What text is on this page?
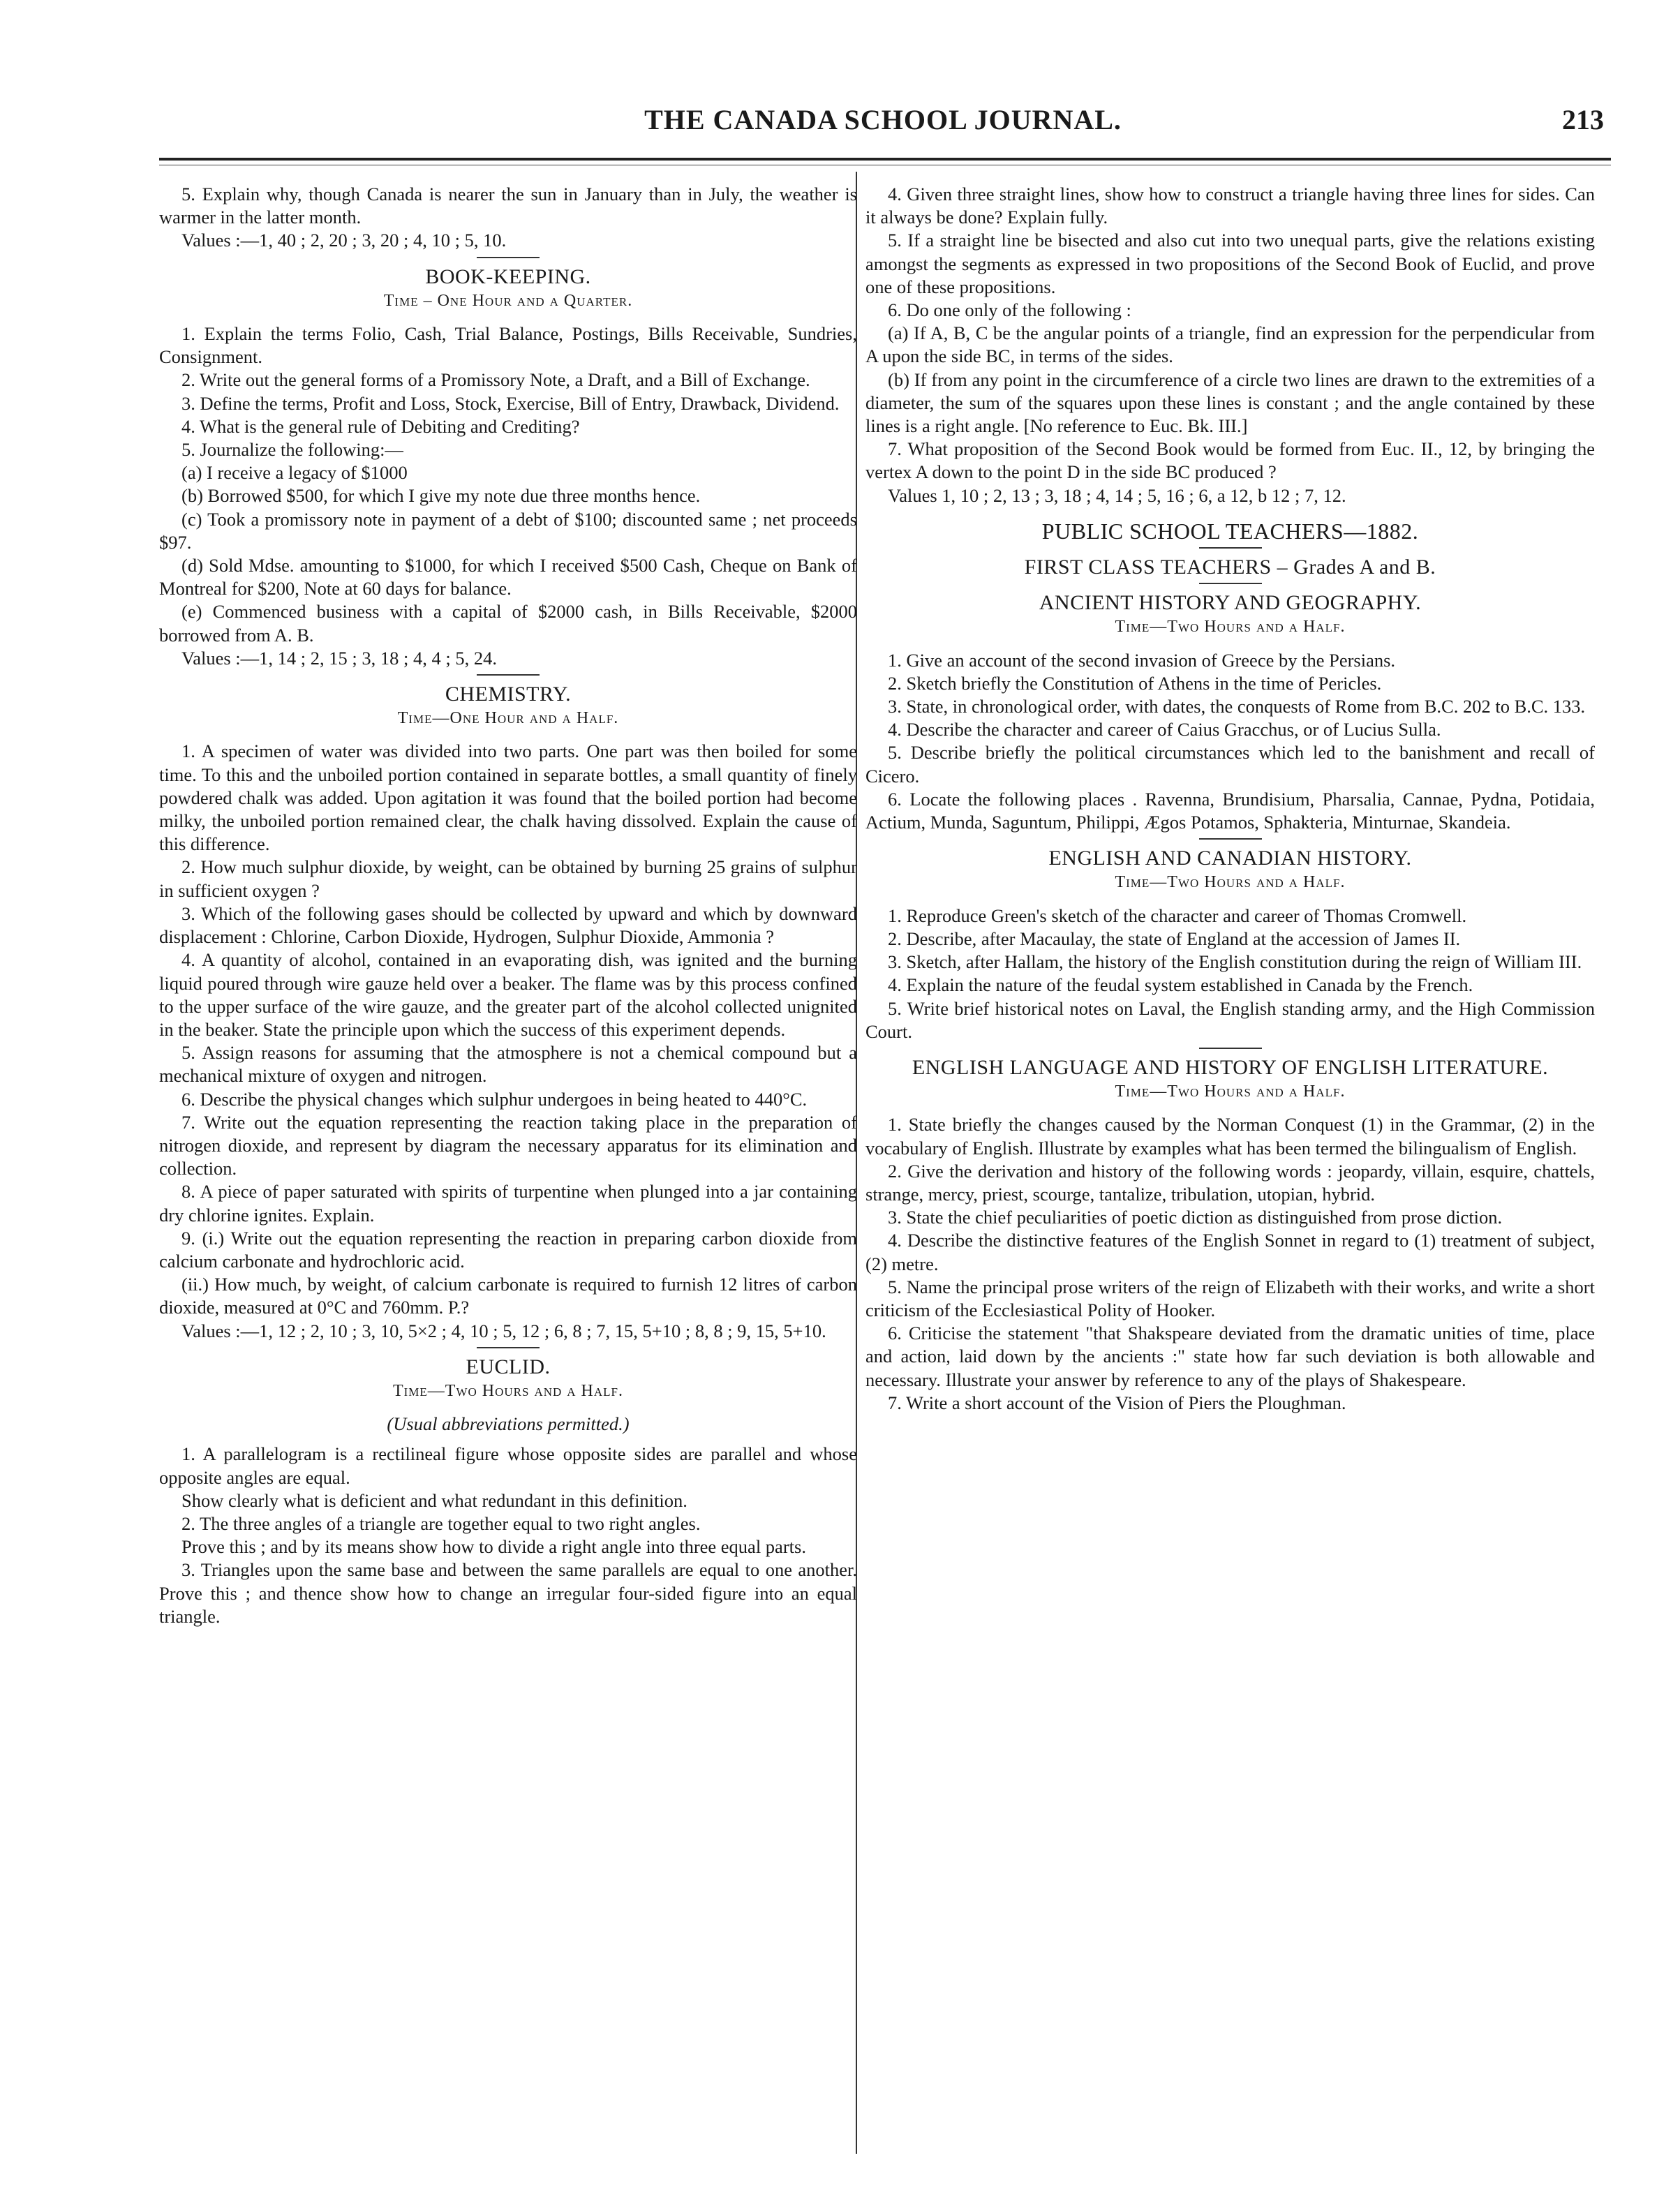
THE CANADA SCHOOL JOURNAL.	213

5. Explain why, though Canada is nearer the sun in January than in July, the weather is warmer in the latter month.

Values :—1, 40 ; 2, 20 ; 3, 20 ; 4, 10 ; 5, 10.

BOOK-KEEPING.
Time – One Hour and a Quarter.

1. Explain the terms Folio, Cash, Trial Balance, Postings, Bills Receivable, Sundries, Consignment.

2. Write out the general forms of a Promissory Note, a Draft, and a Bill of Exchange.

3. Define the terms, Profit and Loss, Stock, Exercise, Bill of Entry, Drawback, Dividend.

4. What is the general rule of Debiting and Crediting?

5. Journalize the following:—

(a) I receive a legacy of $1000

(b) Borrowed $500, for which I give my note due three months hence.

(c) Took a promissory note in payment of a debt of $100; discounted same ; net proceeds $97.

(d) Sold Mdse. amounting to $1000, for which I received $500 Cash, Cheque on Bank of Montreal for $200, Note at 60 days for balance.

(e) Commenced business with a capital of $2000 cash, in Bills Receivable, $2000 borrowed from A. B.

Values :—1, 14 ; 2, 15 ; 3, 18 ; 4, 4 ; 5, 24.

CHEMISTRY.
Time—One Hour and a Half.

1. A specimen of water was divided into two parts. One part was then boiled for some time. To this and the unboiled portion contained in separate bottles, a small quantity of finely powdered chalk was added. Upon agitation it was found that the boiled portion had become milky, the unboiled portion remained clear, the chalk having dissolved. Explain the cause of this difference.

2. How much sulphur dioxide, by weight, can be obtained by burning 25 grains of sulphur in sufficient oxygen ?

3. Which of the following gases should be collected by upward and which by downward displacement : Chlorine, Carbon Dioxide, Hydrogen, Sulphur Dioxide, Ammonia ?

4. A quantity of alcohol, contained in an evaporating dish, was ignited and the burning liquid poured through wire gauze held over a beaker. The flame was by this process confined to the upper surface of the wire gauze, and the greater part of the alcohol collected unignited in the beaker. State the principle upon which the success of this experiment depends.

5. Assign reasons for assuming that the atmosphere is not a chemical compound but a mechanical mixture of oxygen and nitrogen.

6. Describe the physical changes which sulphur undergoes in being heated to 440°C.

7. Write out the equation representing the reaction taking place in the preparation of nitrogen dioxide, and represent by diagram the necessary apparatus for its elimination and collection.

8. A piece of paper saturated with spirits of turpentine when plunged into a jar containing dry chlorine ignites. Explain.

9. (i.) Write out the equation representing the reaction in preparing carbon dioxide from calcium carbonate and hydrochloric acid.

(ii.) How much, by weight, of calcium carbonate is required to furnish 12 litres of carbon dioxide, measured at 0°C and 760mm. P.?

Values :—1, 12 ; 2, 10 ; 3, 10, 5×2 ; 4, 10 ; 5, 12 ; 6, 8 ; 7, 15, 5+10 ; 8, 8 ; 9, 15, 5+10.

EUCLID.
Time—Two Hours and a Half.
(Usual abbreviations permitted.)

1. A parallelogram is a rectilineal figure whose opposite sides are parallel and whose opposite angles are equal.

Show clearly what is deficient and what redundant in this definition.

2. The three angles of a triangle are together equal to two right angles.

Prove this ; and by its means show how to divide a right angle into three equal parts.

3. Triangles upon the same base and between the same parallels are equal to one another. Prove this ; and thence show how to change an irregular four-sided figure into an equal triangle.

4. Given three straight lines, show how to construct a triangle having three lines for sides. Can it always be done? Explain fully.

5. If a straight line be bisected and also cut into two unequal parts, give the relations existing amongst the segments as expressed in two propositions of the Second Book of Euclid, and prove one of these propositions.

6. Do one only of the following :

(a) If A, B, C be the angular points of a triangle, find an expression for the perpendicular from A upon the side BC, in terms of the sides.

(b) If from any point in the circumference of a circle two lines are drawn to the extremities of a diameter, the sum of the squares upon these lines is constant ; and the angle contained by these lines is a right angle. [No reference to Euc. Bk. III.]

7. What proposition of the Second Book would be formed from Euc. II., 12, by bringing the vertex A down to the point D in the side BC produced ?

Values 1, 10 ; 2, 13 ; 3, 18 ; 4, 14 ; 5, 16 ; 6, a 12, b 12 ; 7, 12.

PUBLIC SCHOOL TEACHERS—1882.
FIRST CLASS TEACHERS – Grades A and B.
ANCIENT HISTORY AND GEOGRAPHY.
Time—Two Hours and a Half.

1. Give an account of the second invasion of Greece by the Persians.

2. Sketch briefly the Constitution of Athens in the time of Pericles.

3. State, in chronological order, with dates, the conquests of Rome from B.C. 202 to B.C. 133.

4. Describe the character and career of Caius Gracchus, or of Lucius Sulla.

5. Describe briefly the political circumstances which led to the banishment and recall of Cicero.

6. Locate the following places . Ravenna, Brundisium, Pharsalia, Cannae, Pydna, Potidaia, Actium, Munda, Saguntum, Philippi, Ægos Potamos, Sphakteria, Minturnae, Skandeia.

ENGLISH AND CANADIAN HISTORY.
Time—Two Hours and a Half.

1. Reproduce Green's sketch of the character and career of Thomas Cromwell.

2. Describe, after Macaulay, the state of England at the accession of James II.

3. Sketch, after Hallam, the history of the English constitution during the reign of William III.

4. Explain the nature of the feudal system established in Canada by the French.

5. Write brief historical notes on Laval, the English standing army, and the High Commission Court.

ENGLISH LANGUAGE AND HISTORY OF ENGLISH LITERATURE.
Time—Two Hours and a Half.

1. State briefly the changes caused by the Norman Conquest (1) in the Grammar, (2) in the vocabulary of English. Illustrate by examples what has been termed the bilingualism of English.

2. Give the derivation and history of the following words : jeopardy, villain, esquire, chattels, strange, mercy, priest, scourge, tantalize, tribulation, utopian, hybrid.

3. State the chief peculiarities of poetic diction as distinguished from prose diction.

4. Describe the distinctive features of the English Sonnet in regard to (1) treatment of subject, (2) metre.

5. Name the principal prose writers of the reign of Elizabeth with their works, and write a short criticism of the Ecclesiastical Polity of Hooker.

6. Criticise the statement "that Shakspeare deviated from the dramatic unities of time, place and action, laid down by the ancients :" state how far such deviation is both allowable and necessary. Illustrate your answer by reference to any of the plays of Shakespeare.

7. Write a short account of the Vision of Piers the Ploughman.
